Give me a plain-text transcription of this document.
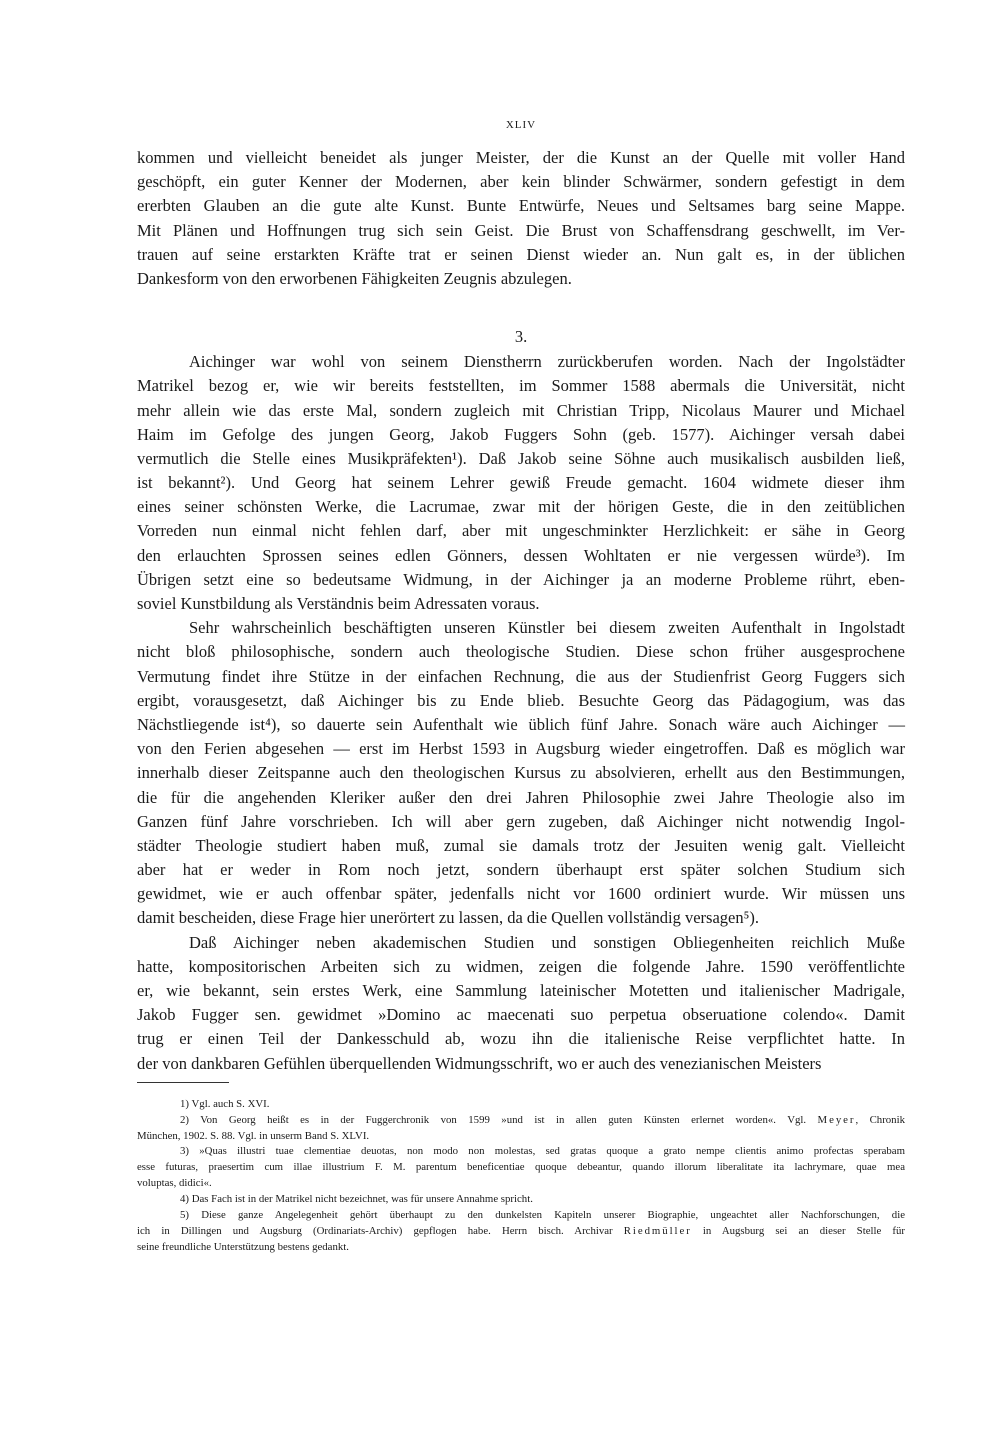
XLIV
kommen und vielleicht beneidet als junger Meister, der die Kunst an der Quelle mit voller Hand
geschöpft, ein guter Kenner der Modernen, aber kein blinder Schwärmer, sondern gefestigt in dem
ererbten Glauben an die gute alte Kunst. Bunte Entwürfe, Neues und Seltsames barg seine Mappe.
Mit Plänen und Hoffnungen trug sich sein Geist. Die Brust von Schaffensdrang geschwellt, im Ver-
trauen auf seine erstarkten Kräfte trat er seinen Dienst wieder an. Nun galt es, in der üblichen
Dankesform von den erworbenen Fähigkeiten Zeugnis abzulegen.
3.
Aichinger war wohl von seinem Dienstherrn zurückberufen worden. Nach der Ingolstädter
Matrikel bezog er, wie wir bereits feststellten, im Sommer 1588 abermals die Universität, nicht
mehr allein wie das erste Mal, sondern zugleich mit Christian Tripp, Nicolaus Maurer und Michael
Haim im Gefolge des jungen Georg, Jakob Fuggers Sohn (geb. 1577). Aichinger versah dabei
vermutlich die Stelle eines Musikpräfekten¹). Daß Jakob seine Söhne auch musikalisch ausbilden ließ,
ist bekannt²). Und Georg hat seinem Lehrer gewiß Freude gemacht. 1604 widmete dieser ihm
eines seiner schönsten Werke, die Lacrumae, zwar mit der hörigen Geste, die in den zeitüblichen
Vorreden nun einmal nicht fehlen darf, aber mit ungeschminkter Herzlichkeit: er sähe in Georg
den erlauchten Sprossen seines edlen Gönners, dessen Wohltaten er nie vergessen würde³). Im
Übrigen setzt eine so bedeutsame Widmung, in der Aichinger ja an moderne Probleme rührt, eben-
soviel Kunstbildung als Verständnis beim Adressaten voraus.
Sehr wahrscheinlich beschäftigten unseren Künstler bei diesem zweiten Aufenthalt in Ingolstadt
nicht bloß philosophische, sondern auch theologische Studien. Diese schon früher ausgesprochene
Vermutung findet ihre Stütze in der einfachen Rechnung, die aus der Studienfrist Georg Fuggers sich
ergibt, vorausgesetzt, daß Aichinger bis zu Ende blieb. Besuchte Georg das Pädagogium, was das
Nächstliegende ist⁴), so dauerte sein Aufenthalt wie üblich fünf Jahre. Sonach wäre auch Aichinger —
von den Ferien abgesehen — erst im Herbst 1593 in Augsburg wieder eingetroffen. Daß es möglich war
innerhalb dieser Zeitspanne auch den theologischen Kursus zu absolvieren, erhellt aus den Bestimmungen,
die für die angehenden Kleriker außer den drei Jahren Philosophie zwei Jahre Theologie also im
Ganzen fünf Jahre vorschrieben. Ich will aber gern zugeben, daß Aichinger nicht notwendig Ingol-
städter Theologie studiert haben muß, zumal sie damals trotz der Jesuiten wenig galt. Vielleicht
aber hat er weder in Rom noch jetzt, sondern überhaupt erst später solchen Studium sich
gewidmet, wie er auch offenbar später, jedenfalls nicht vor 1600 ordiniert wurde. Wir müssen uns
damit bescheiden, diese Frage hier unerörtert zu lassen, da die Quellen vollständig versagen⁵).
Daß Aichinger neben akademischen Studien und sonstigen Obliegenheiten reichlich Muße
hatte, kompositorischen Arbeiten sich zu widmen, zeigen die folgende Jahre. 1590 veröffentlichte
er, wie bekannt, sein erstes Werk, eine Sammlung lateinischer Motetten und italienischer Madrigale,
Jakob Fugger sen. gewidmet »Domino ac maecenati suo perpetua obseruatione colendo«. Damit
trug er einen Teil der Dankesschuld ab, wozu ihn die italienische Reise verpflichtet hatte. In
der von dankbaren Gefühlen überquellenden Widmungsschrift, wo er auch des venezianischen Meisters
1) Vgl. auch S. XVI.
2) Von Georg heißt es in der Fuggerchronik von 1599 »und ist in allen guten Künsten erlernet worden«. Vgl. Meyer, Chronik
München, 1902. S. 88. Vgl. in unserm Band S. XLVI.
3) »Quas illustri tuae clementiae deuotas, non modo non molestas, sed gratas quoque a grato nempe clientis animo profectas sperabam
esse futuras, praesertim cum illae illustrium F. M. parentum beneficentiae quoque debeantur, quando illorum liberalitate ita lachrymare, quae mea
voluptas, didici«.
4) Das Fach ist in der Matrikel nicht bezeichnet, was für unsere Annahme spricht.
5) Diese ganze Angelegenheit gehört überhaupt zu den dunkelsten Kapiteln unserer Biographie, ungeachtet aller Nachforschungen, die
ich in Dillingen und Augsburg (Ordinariats-Archiv) gepflogen habe. Herrn bisch. Archivar Riedmüller in Augsburg sei an dieser Stelle für
seine freundliche Unterstützung bestens gedankt.
